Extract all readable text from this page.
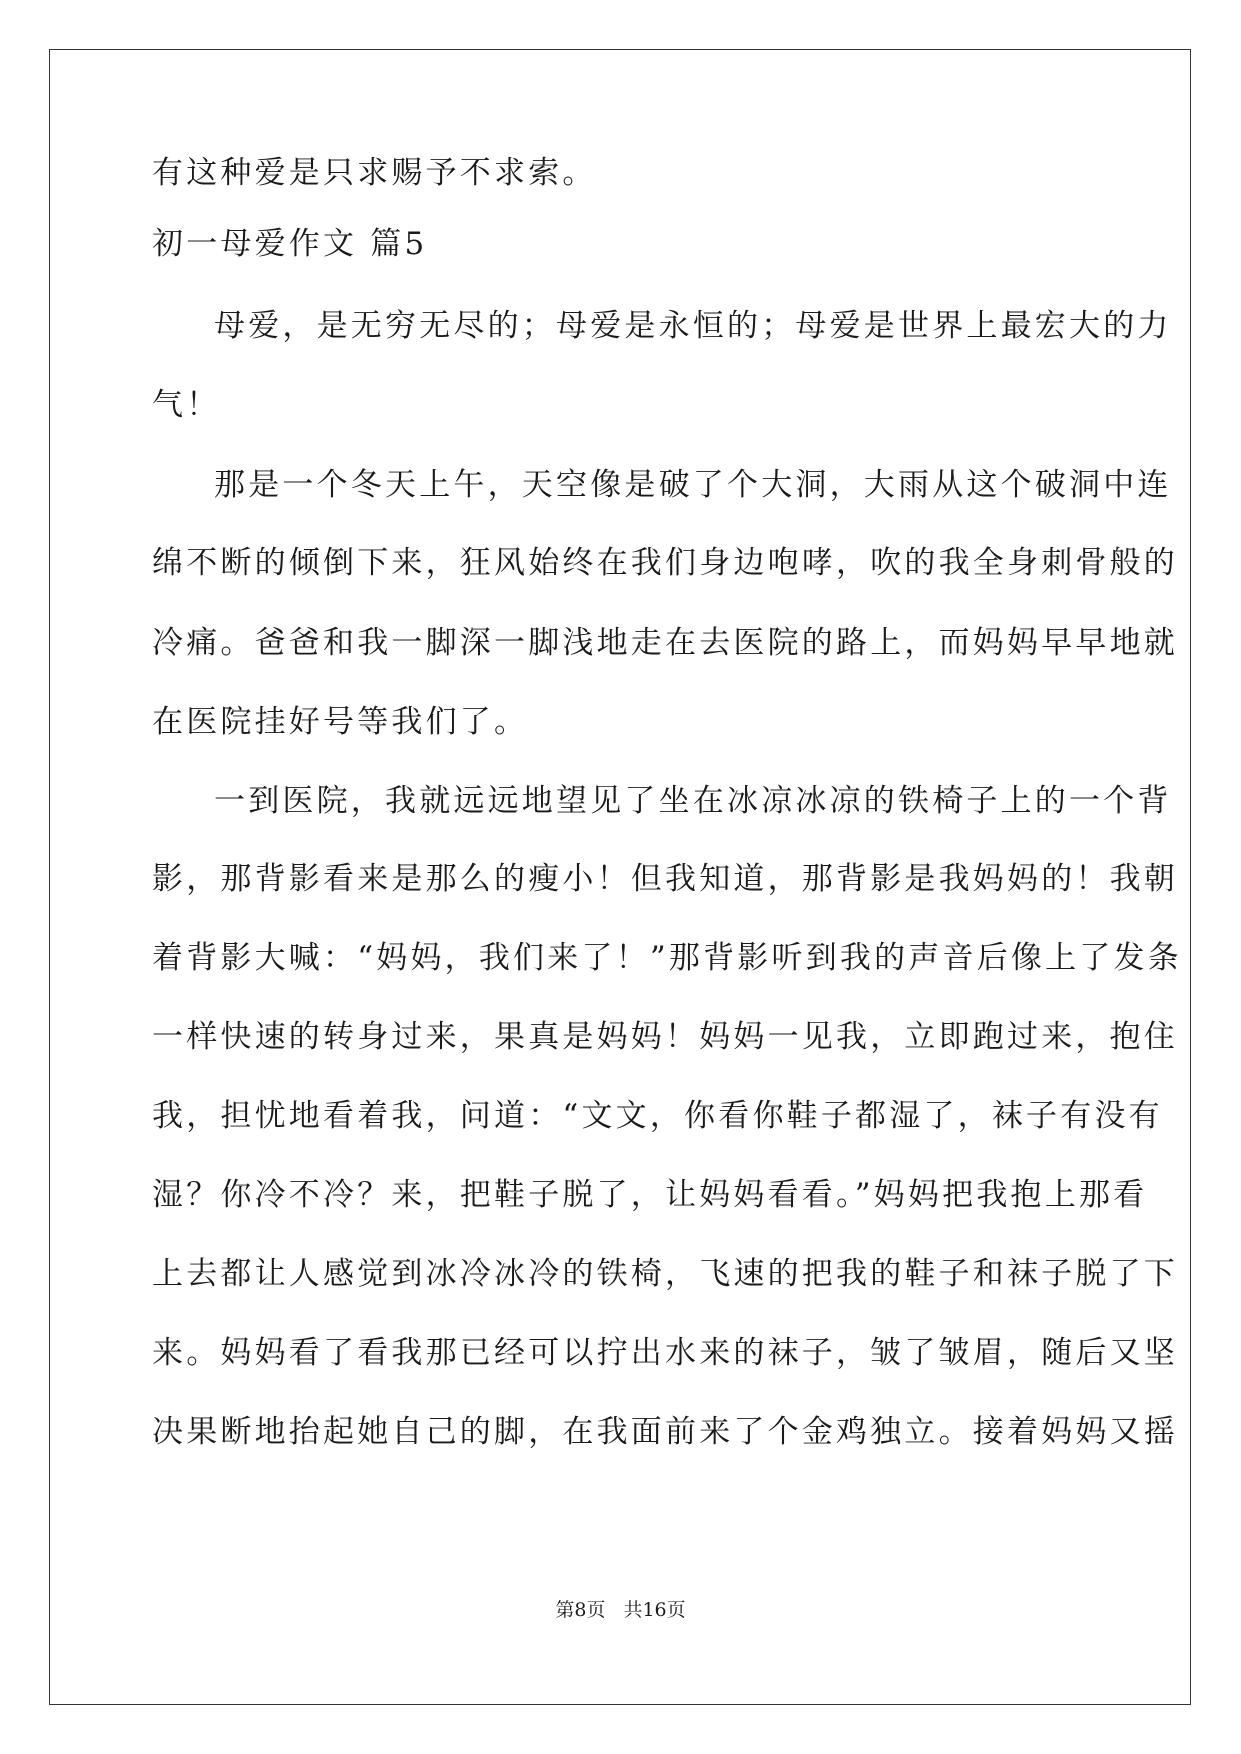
有这种爱是只求赐予不求索。
初一母爱作文 篇5
母爱，是无穷无尽的；母爱是永恒的；母爱是世界上最宏大的力
气！
那是一个冬天上午，天空像是破了个大洞，大雨从这个破洞中连
绵不断的倾倒下来，狂风始终在我们身边咆哮，吹的我全身刺骨般的
冷痛。爸爸和我一脚深一脚浅地走在去医院的路上，而妈妈早早地就
在医院挂好号等我们了。
一到医院，我就远远地望见了坐在冰凉冰凉的铁椅子上的一个背
影，那背影看来是那么的瘦小！但我知道，那背影是我妈妈的！我朝
着背影大喊：“妈妈，我们来了！”那背影听到我的声音后像上了发条
一样快速的转身过来，果真是妈妈！妈妈一见我，立即跑过来，抱住
我，担忧地看着我，问道：“文文，你看你鞋子都湿了，袜子有没有
湿？你冷不冷？来，把鞋子脱了，让妈妈看看。”妈妈把我抱上那看
上去都让人感觉到冰冷冰冷的铁椅，飞速的把我的鞋子和袜子脱了下
来。妈妈看了看我那已经可以拧出水来的袜子，皱了皱眉，随后又坚
决果断地抬起她自己的脚，在我面前来了个金鸡独立。接着妈妈又摇
第8页 共16页
